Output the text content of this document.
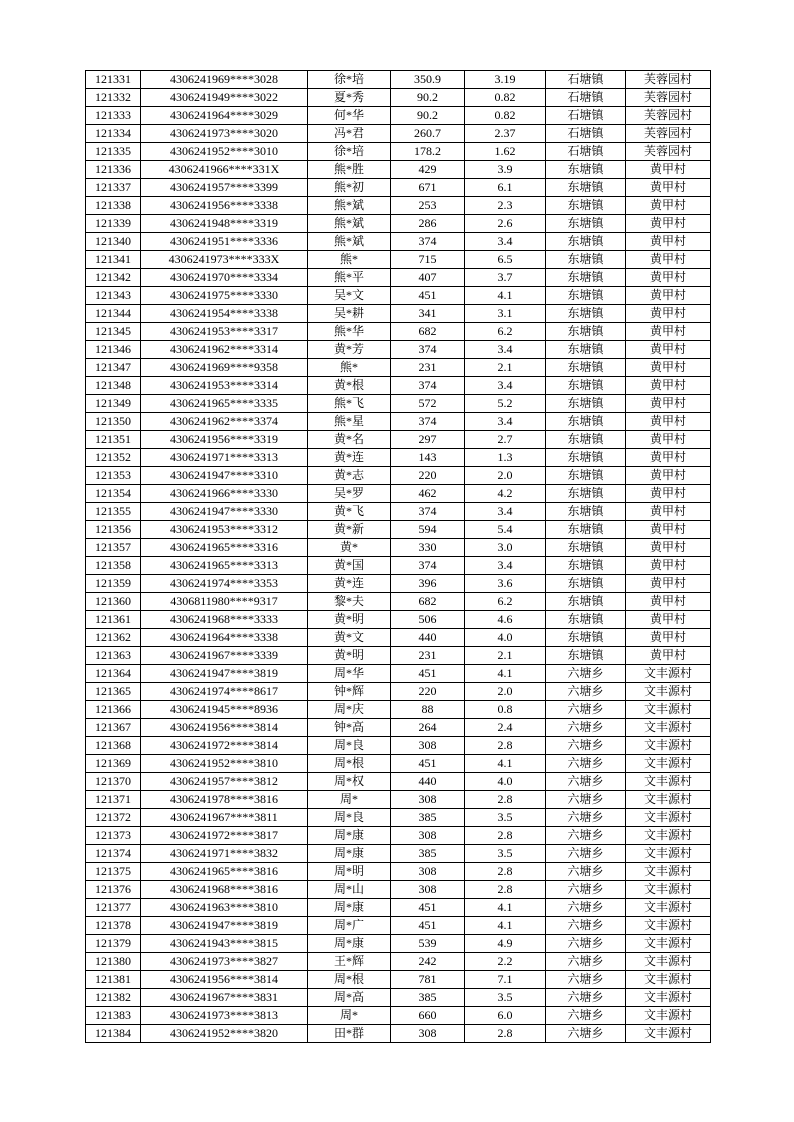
121331	4306241969****3028	徐*培	350.9	3.19	石塘镇	芙蓉园村
121332	4306241949****3022	夏*秀	90.2	0.82	石塘镇	芙蓉园村
121333	4306241964****3029	何*华	90.2	0.82	石塘镇	芙蓉园村
121334	4306241973****3020	冯*君	260.7	2.37	石塘镇	芙蓉园村
121335	4306241952****3010	徐*培	178.2	1.62	石塘镇	芙蓉园村
121336	4306241966****331X	熊*胜	429	3.9	东塘镇	黄甲村
121337	4306241957****3399	熊*初	671	6.1	东塘镇	黄甲村
121338	4306241956****3338	熊*斌	253	2.3	东塘镇	黄甲村
121339	4306241948****3319	熊*斌	286	2.6	东塘镇	黄甲村
121340	4306241951****3336	熊*斌	374	3.4	东塘镇	黄甲村
121341	4306241973****333X	熊*	715	6.5	东塘镇	黄甲村
121342	4306241970****3334	熊*平	407	3.7	东塘镇	黄甲村
121343	4306241975****3330	吴*文	451	4.1	东塘镇	黄甲村
121344	4306241954****3338	吴*耕	341	3.1	东塘镇	黄甲村
121345	4306241953****3317	熊*华	682	6.2	东塘镇	黄甲村
121346	4306241962****3314	黄*芳	374	3.4	东塘镇	黄甲村
121347	4306241969****9358	熊*	231	2.1	东塘镇	黄甲村
121348	4306241953****3314	黄*根	374	3.4	东塘镇	黄甲村
121349	4306241965****3335	熊*飞	572	5.2	东塘镇	黄甲村
121350	4306241962****3374	熊*星	374	3.4	东塘镇	黄甲村
121351	4306241956****3319	黄*名	297	2.7	东塘镇	黄甲村
121352	4306241971****3313	黄*连	143	1.3	东塘镇	黄甲村
121353	4306241947****3310	黄*志	220	2.0	东塘镇	黄甲村
121354	4306241966****3330	吴*罗	462	4.2	东塘镇	黄甲村
121355	4306241947****3330	黄*飞	374	3.4	东塘镇	黄甲村
121356	4306241953****3312	黄*新	594	5.4	东塘镇	黄甲村
121357	4306241965****3316	黄*	330	3.0	东塘镇	黄甲村
121358	4306241965****3313	黄*国	374	3.4	东塘镇	黄甲村
121359	4306241974****3353	黄*连	396	3.6	东塘镇	黄甲村
121360	4306811980****9317	黎*夫	682	6.2	东塘镇	黄甲村
121361	4306241968****3333	黄*明	506	4.6	东塘镇	黄甲村
121362	4306241964****3338	黄*文	440	4.0	东塘镇	黄甲村
121363	4306241967****3339	黄*明	231	2.1	东塘镇	黄甲村
121364	4306241947****3819	周*华	451	4.1	六塘乡	文丰源村
121365	4306241974****8617	钟*辉	220	2.0	六塘乡	文丰源村
121366	4306241945****8936	周*庆	88	0.8	六塘乡	文丰源村
121367	4306241956****3814	钟*高	264	2.4	六塘乡	文丰源村
121368	4306241972****3814	周*良	308	2.8	六塘乡	文丰源村
121369	4306241952****3810	周*根	451	4.1	六塘乡	文丰源村
121370	4306241957****3812	周*权	440	4.0	六塘乡	文丰源村
121371	4306241978****3816	周*	308	2.8	六塘乡	文丰源村
121372	4306241967****3811	周*良	385	3.5	六塘乡	文丰源村
121373	4306241972****3817	周*康	308	2.8	六塘乡	文丰源村
121374	4306241971****3832	周*康	385	3.5	六塘乡	文丰源村
121375	4306241965****3816	周*明	308	2.8	六塘乡	文丰源村
121376	4306241968****3816	周*山	308	2.8	六塘乡	文丰源村
121377	4306241963****3810	周*康	451	4.1	六塘乡	文丰源村
121378	4306241947****3819	周*广	451	4.1	六塘乡	文丰源村
121379	4306241943****3815	周*康	539	4.9	六塘乡	文丰源村
121380	4306241973****3827	王*辉	242	2.2	六塘乡	文丰源村
121381	4306241956****3814	周*根	781	7.1	六塘乡	文丰源村
121382	4306241967****3831	周*高	385	3.5	六塘乡	文丰源村
121383	4306241973****3813	周*	660	6.0	六塘乡	文丰源村
121384	4306241952****3820	田*群	308	2.8	六塘乡	文丰源村
